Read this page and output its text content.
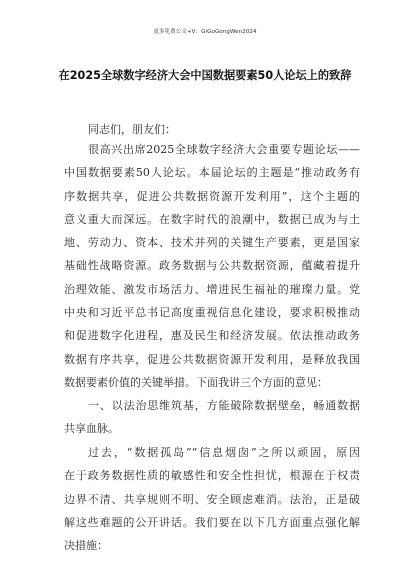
更多免费公文+V：GiGoGongWen2024
在2025全球数字经济大会中国数据要素50人论坛上的致辞
同志们，朋友们：
很高兴出席2025全球数字经济大会重要专题论坛——
中国数据要素50人论坛。本届论坛的主题是“推动政务有
序数据共享，促进公共数据资源开发利用”，这个主题的
意义重大而深远。在数字时代的浪潮中，数据已成为与土
地、劳动力、资本、技术并列的关键生产要素，更是国家
基础性战略资源。政务数据与公共数据资源，蕴藏着提升
治理效能、激发市场活力、增进民生福祉的璀璨力量。党
中央和习近平总书记高度重视信息化建设，要求积极推动
和促进数字化进程，惠及民生和经济发展。依法推动政务
数据有序共享，促进公共数据资源开发利用，是释放我国
数据要素价值的关键举措。下面我讲三个方面的意见：
一、以法治思维筑基，方能破除数据壁垒，畅通数据
共享血脉。
过去，“数据孤岛”“信息烟囱”之所以顽固，原因
在于政务数据性质的敏感性和安全性担忧，根源在于权责
边界不清、共享规则不明、安全顾虑难消。法治，正是破
解这些难题的公开讲话。我们要在以下几方面重点强化解
决措施：
